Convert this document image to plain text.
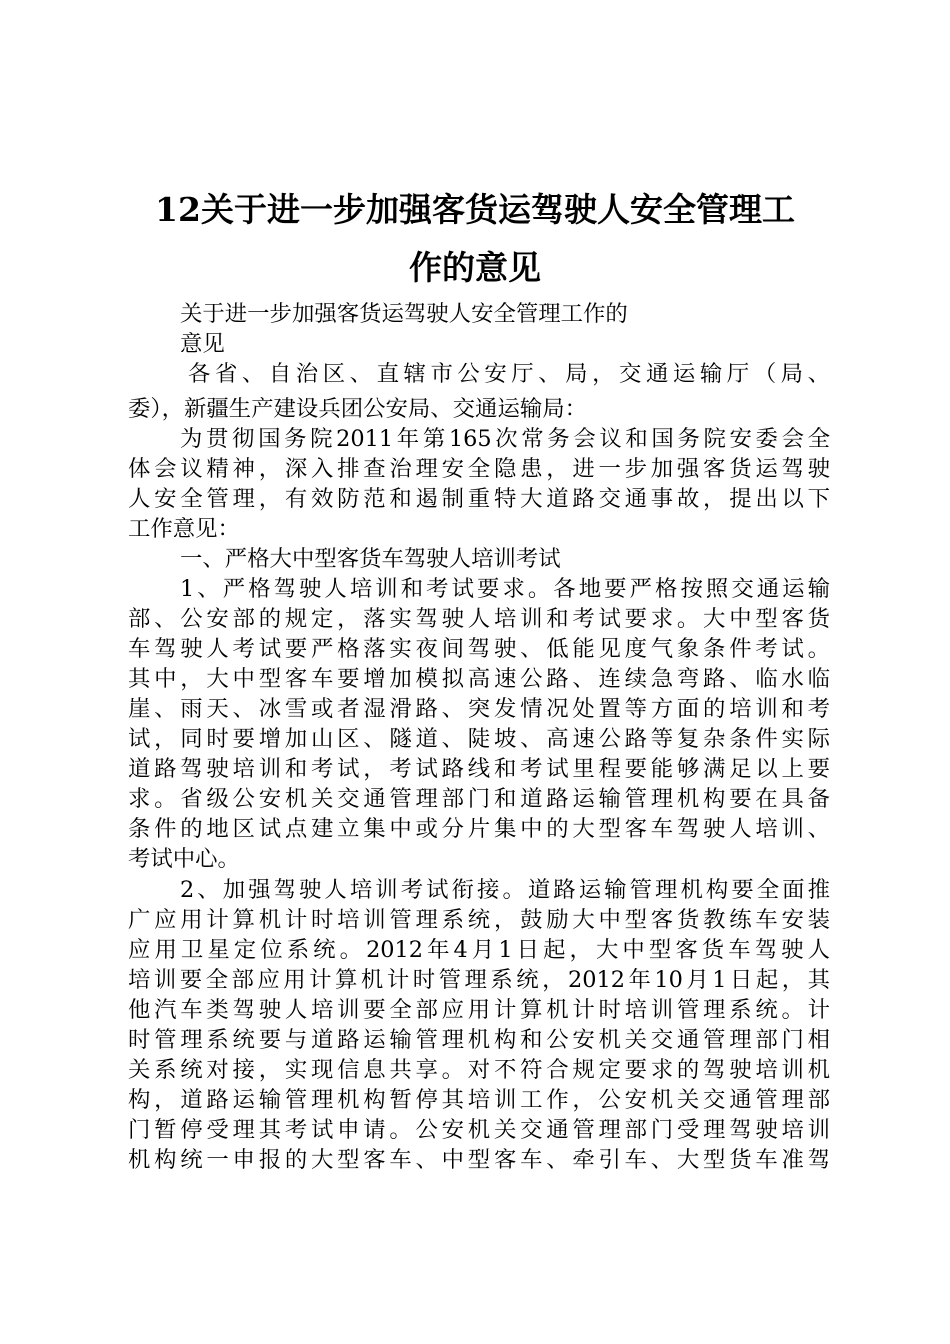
12关于进一步加强客货运驾驶人安全管理工
作的意见
关于进一步加强客货运驾驶人安全管理工作的
意见
各省、自治区、直辖市公安厅、局，交通运输厅（局、
委），新疆生产建设兵团公安局、交通运输局：
为贯彻国务院2011年第165次常务会议和国务院安委会全
体会议精神，深入排查治理安全隐患，进一步加强客货运驾驶
人安全管理，有效防范和遏制重特大道路交通事故，提出以下
工作意见：
一、严格大中型客货车驾驶人培训考试
1、严格驾驶人培训和考试要求。各地要严格按照交通运输
部、公安部的规定，落实驾驶人培训和考试要求。大中型客货
车驾驶人考试要严格落实夜间驾驶、低能见度气象条件考试。
其中，大中型客车要增加模拟高速公路、连续急弯路、临水临
崖、雨天、冰雪或者湿滑路、突发情况处置等方面的培训和考
试，同时要增加山区、隧道、陡坡、高速公路等复杂条件实际
道路驾驶培训和考试，考试路线和考试里程要能够满足以上要
求。省级公安机关交通管理部门和道路运输管理机构要在具备
条件的地区试点建立集中或分片集中的大型客车驾驶人培训、
考试中心。
2、加强驾驶人培训考试衔接。道路运输管理机构要全面推
广应用计算机计时培训管理系统，鼓励大中型客货教练车安装
应用卫星定位系统。2012年4月1日起，大中型客货车驾驶人
培训要全部应用计算机计时管理系统，2012年10月1日起，其
他汽车类驾驶人培训要全部应用计算机计时培训管理系统。计
时管理系统要与道路运输管理机构和公安机关交通管理部门相
关系统对接，实现信息共享。对不符合规定要求的驾驶培训机
构，道路运输管理机构暂停其培训工作，公安机关交通管理部
门暂停受理其考试申请。公安机关交通管理部门受理驾驶培训
机构统一申报的大型客车、中型客车、牵引车、大型货车准驾
